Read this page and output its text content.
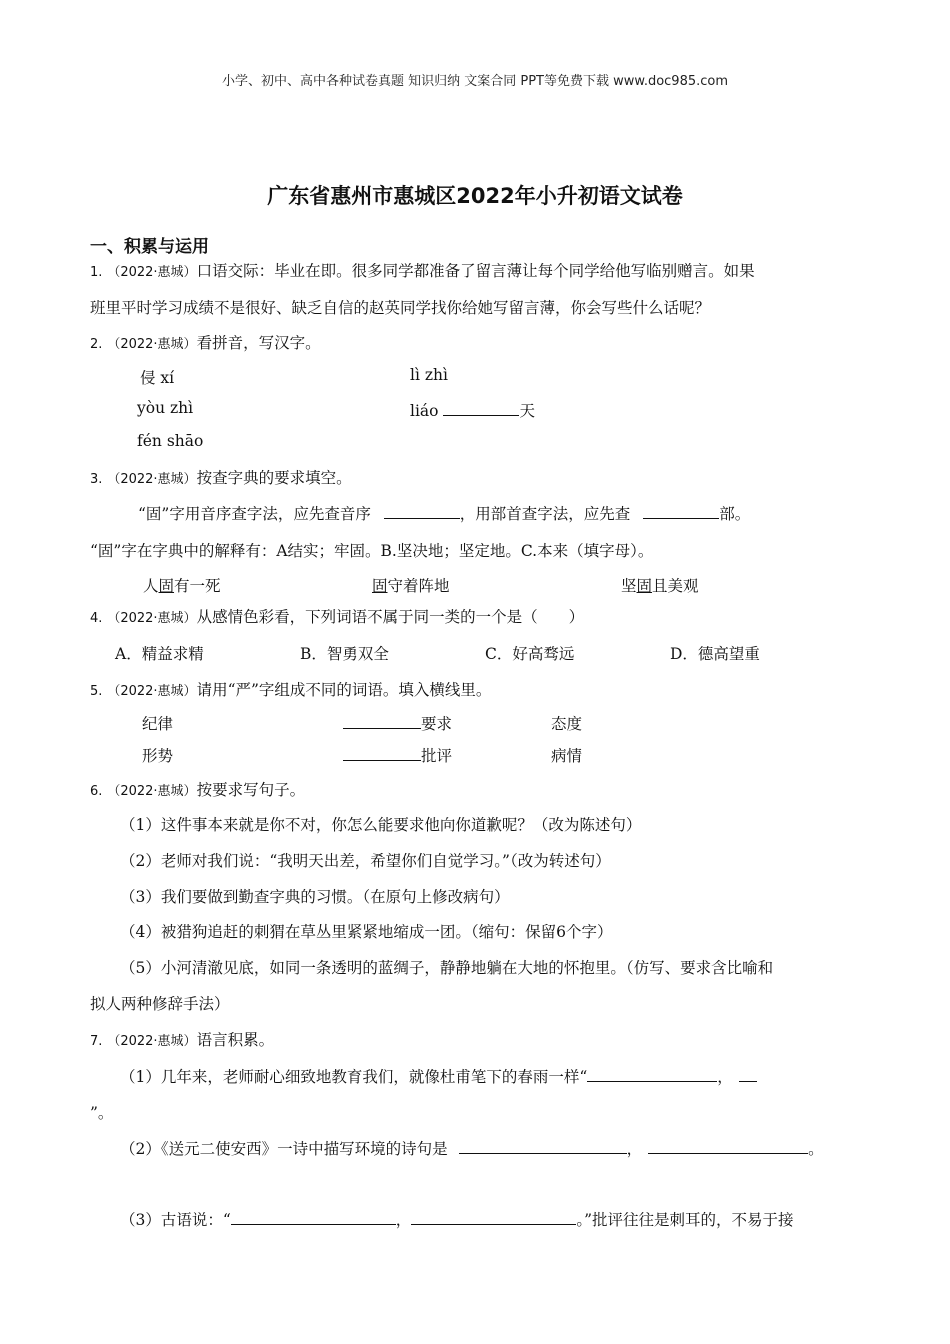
小学、初中、高中各种试卷真题 知识归纳 文案合同 PPT等免费下载 www.doc985.com
广东省惠州市惠城区2022年小升初语文试卷
一、积累与运用
1. （2022·惠城）口语交际：毕业在即。很多同学都准备了留言薄让每个同学给他写临别赠言。如果
班里平时学习成绩不是很好、缺乏自信的赵英同学找你给她写留言薄，你会写些什么话呢？
2. （2022·惠城）看拼音，写汉字。
侵 xí	lì zhì
yòu zhì	liáo	天
fén shāo
3. （2022·惠城）按查字典的要求填空。
“固”字用音序查字法，应先查音序	，用部首查字法，应先查	部。
“固”字在字典中的解释有：A结实；牢固。B.坚决地；坚定地。C.本来（填字母）。
人固有一死	固守着阵地	坚固且美观
4. （2022·惠城）从感情色彩看，下列词语不属于同一类的一个是（　　）
A．精益求精	B．智勇双全	C．好高骛远	D．德高望重
5. （2022·惠城）请用“严”字组成不同的词语。填入横线里。
纪律	要求	态度
形势	批评	病情
6. （2022·惠城）按要求写句子。
（1）这件事本来就是你不对，你怎么能要求他向你道歉呢？（改为陈述句）
（2）老师对我们说：“我明天出差，希望你们自觉学习。”（改为转述句）
（3）我们要做到勤查字典的习惯。（在原句上修改病句）
（4）被猎狗追赶的刺猬在草丛里紧紧地缩成一团。（缩句：保留6个字）
（5）小河清澈见底，如同一条透明的蓝绸子，静静地躺在大地的怀抱里。（仿写、要求含比喻和
拟人两种修辞手法）
7. （2022·惠城）语言积累。
（1）几年来，老师耐心细致地教育我们，就像杜甫笔下的春雨一样“	，
”。
（2）《送元二使安西》一诗中描写环境的诗句是	，	。
（3）古语说：“	，	。”批评往往是刺耳的，不易于接
